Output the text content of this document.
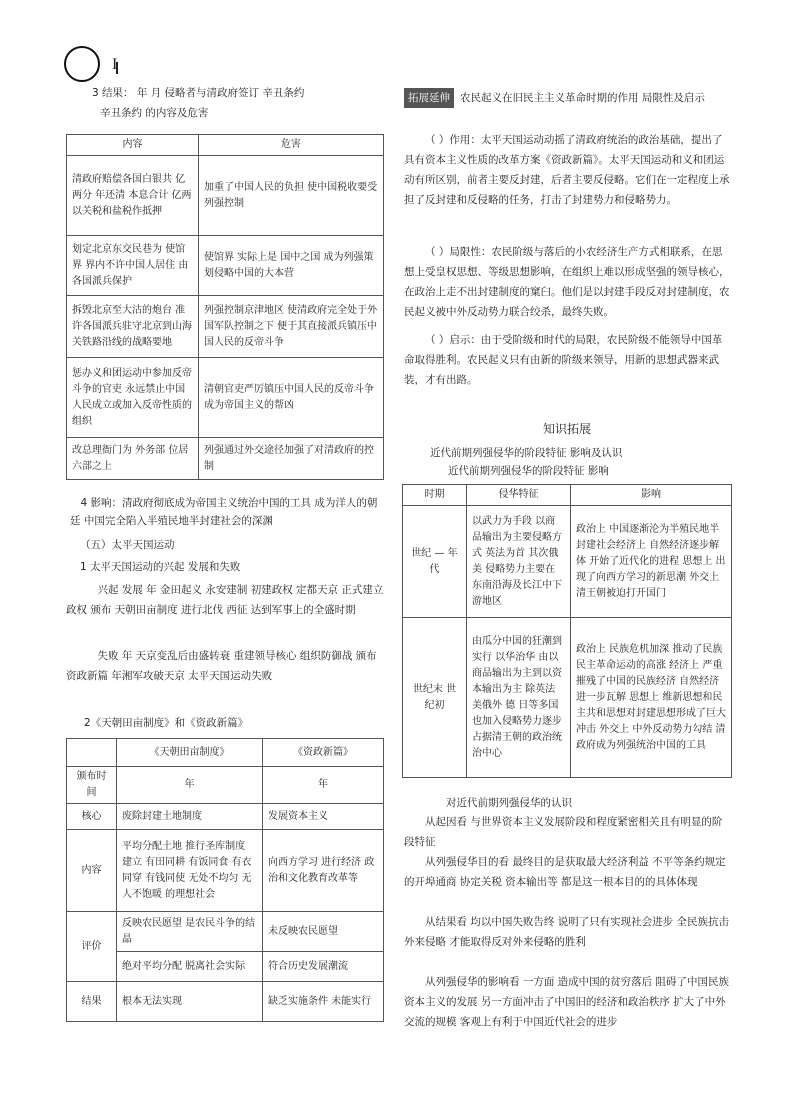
3 结果： 年 月 侵略者与清政府签订 辛丑条约
辛丑条约 的内容及危害
内容	危害
清政府赔偿各国白银共 亿两分 年还清 本息合计 亿两 以关税和盐税作抵押	加重了中国人民的负担 使中国税收要受列强控制
划定北京东交民巷为 使馆界 界内不许中国人居住 由各国派兵保护	使馆界 实际上是 国中之国 成为列强策划侵略中国的大本营
拆毁北京至大沽的炮台 准许各国派兵驻守北京到山海关铁路沿线的战略要地	列强控制京津地区 使清政府完全处于外国军队控制之下 便于其直接派兵镇压中国人民的反帝斗争
惩办义和团运动中参加反帝斗争的官吏 永远禁止中国人民成立或加入反帝性质的组织	清朝官吏严厉镇压中国人民的反帝斗争 成为帝国主义的帮凶
改总理衙门为 外务部 位居六部之上	列强通过外交途径加强了对清政府的控制
4 影响：清政府彻底成为帝国主义统治中国的工具 成为洋人的朝廷 中国完全陷入半殖民地半封建社会的深渊
（五）太平天国运动
1 太平天国运动的兴起 发展和失败
兴起 发展 年 金田起义 永安建制 初建政权 定都天京 正式建立政权 颁布 天朝田亩制度 进行北伐 西征 达到军事上的全盛时期
失败 年 天京变乱后由盛转衰 重建领导核心 组织防御战 颁布 资政新篇 年湘军攻破天京 太平天国运动失败
2《天朝田亩制度》和《资政新篇》
	《天朝田亩制度》	《资政新篇》
颁布时间	年	年
核心	废除封建土地制度	发展资本主义
内容	平均分配土地 推行圣库制度 建立 有田同耕 有饭同食 有衣同穿 有钱同使 无处不均匀 无人不饱暖 的理想社会	向西方学习 进行经济 政治和文化教育改革等
评价	反映农民愿望 是农民斗争的结晶	未反映农民愿望
	绝对平均分配 脱离社会实际	符合历史发展潮流
结果	根本无法实现	缺乏实施条件 未能实行
拓展延伸 农民起义在旧民主主义革命时期的作用 局限性及启示
（ ）作用：太平天国运动动摇了清政府统治的政治基础，提出了具有资本主义性质的改革方案《资政新篇》。太平天国运动和义和团运动有所区别，前者主要反封建，后者主要反侵略。它们在一定程度上承担了反封建和反侵略的任务，打击了封建势力和侵略势力。
（ ）局限性：农民阶级与落后的小农经济生产方式相联系，在思想上受皇权思想、等级思想影响，在组织上难以形成坚强的领导核心，在政治上走不出封建制度的窠臼。他们是以封建手段反对封建制度，农民起义被中外反动势力联合绞杀，最终失败。
（ ）启示：由于受阶级和时代的局限，农民阶级不能领导中国革命取得胜利。农民起义只有由新的阶级来领导，用新的思想武器来武装，才有出路。
知识拓展
近代前期列强侵华的阶段特征 影响及认识
近代前期列强侵华的阶段特征 影响
时期	侵华特征	影响
世纪 — 年代	以武力为手段 以商品输出为主要侵略方式 英法为首 其次俄美 侵略势力主要在东南沿海及长江中下游地区	政治上 中国逐渐沦为半殖民地半封建社会经济上 自然经济逐步解体 开始了近代化的进程 思想上 出现了向西方学习的新思潮 外交上 清王朝被迫打开国门
世纪末 世纪初	由瓜分中国的狂潮到实行 以华治华 由以商品输出为主到以资本输出为主 除英法美俄外 德 日等多国也加入侵略势力逐步占据清王朝的政治统治中心	政治上 民族危机加深 推动了民族民主革命运动的高涨 经济上 严重摧残了中国的民族经济 自然经济进一步瓦解 思想上 维新思想和民主共和思想对封建思想形成了巨大冲击 外交上 中外反动势力勾结 清政府成为列强统治中国的工具
对近代前期列强侵华的认识
从起因看 与世界资本主义发展阶段和程度紧密相关且有明显的阶段特征
从列强侵华目的看 最终目的是获取最大经济利益 不平等条约规定的开埠通商 协定关税 资本输出等 都是这一根本目的的具体体现
从结果看 均以中国失败告终 说明了只有实现社会进步 全民族抗击外来侵略 才能取得反对外来侵略的胜利
从列强侵华的影响看 一方面 造成中国的贫穷落后 阻碍了中国民族资本主义的发展 另一方面冲击了中国旧的经济和政治秩序 扩大了中外交流的规模 客观上有利于中国近代社会的进步
I
